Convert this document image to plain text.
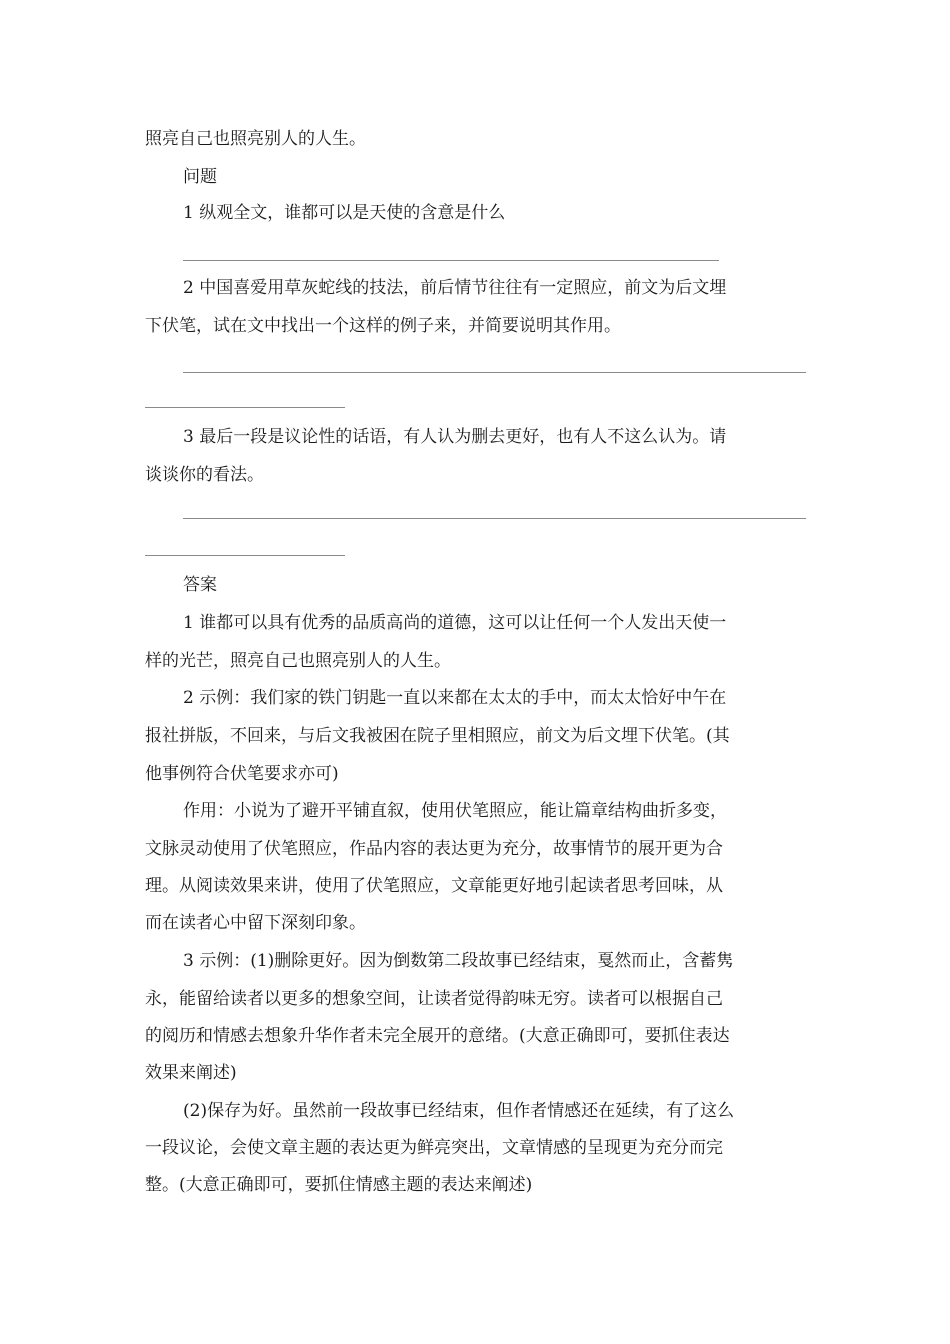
照亮自己也照亮别人的人生。
问题
1 纵观全文，谁都可以是天使的含意是什么
2 中国喜爱用草灰蛇线的技法，前后情节往往有一定照应，前文为后文埋
下伏笔，试在文中找出一个这样的例子来，并简要说明其作用。
3 最后一段是议论性的话语，有人认为删去更好，也有人不这么认为。请
谈谈你的看法。
答案
1 谁都可以具有优秀的品质高尚的道德，这可以让任何一个人发出天使一
样的光芒，照亮自己也照亮别人的人生。
2 示例：我们家的铁门钥匙一直以来都在太太的手中，而太太恰好中午在
报社拼版，不回来，与后文我被困在院子里相照应，前文为后文埋下伏笔。(其
他事例符合伏笔要求亦可)
作用：小说为了避开平铺直叙，使用伏笔照应，能让篇章结构曲折多变，
文脉灵动使用了伏笔照应，作品内容的表达更为充分，故事情节的展开更为合
理。从阅读效果来讲，使用了伏笔照应，文章能更好地引起读者思考回味，从
而在读者心中留下深刻印象。
3 示例：(1)删除更好。因为倒数第二段故事已经结束，戛然而止，含蓄隽
永，能留给读者以更多的想象空间，让读者觉得韵味无穷。读者可以根据自己
的阅历和情感去想象升华作者未完全展开的意绪。(大意正确即可，要抓住表达
效果来阐述)
(2)保存为好。虽然前一段故事已经结束，但作者情感还在延续，有了这么
一段议论，会使文章主题的表达更为鲜亮突出，文章情感的呈现更为充分而完
整。(大意正确即可，要抓住情感主题的表达来阐述)
